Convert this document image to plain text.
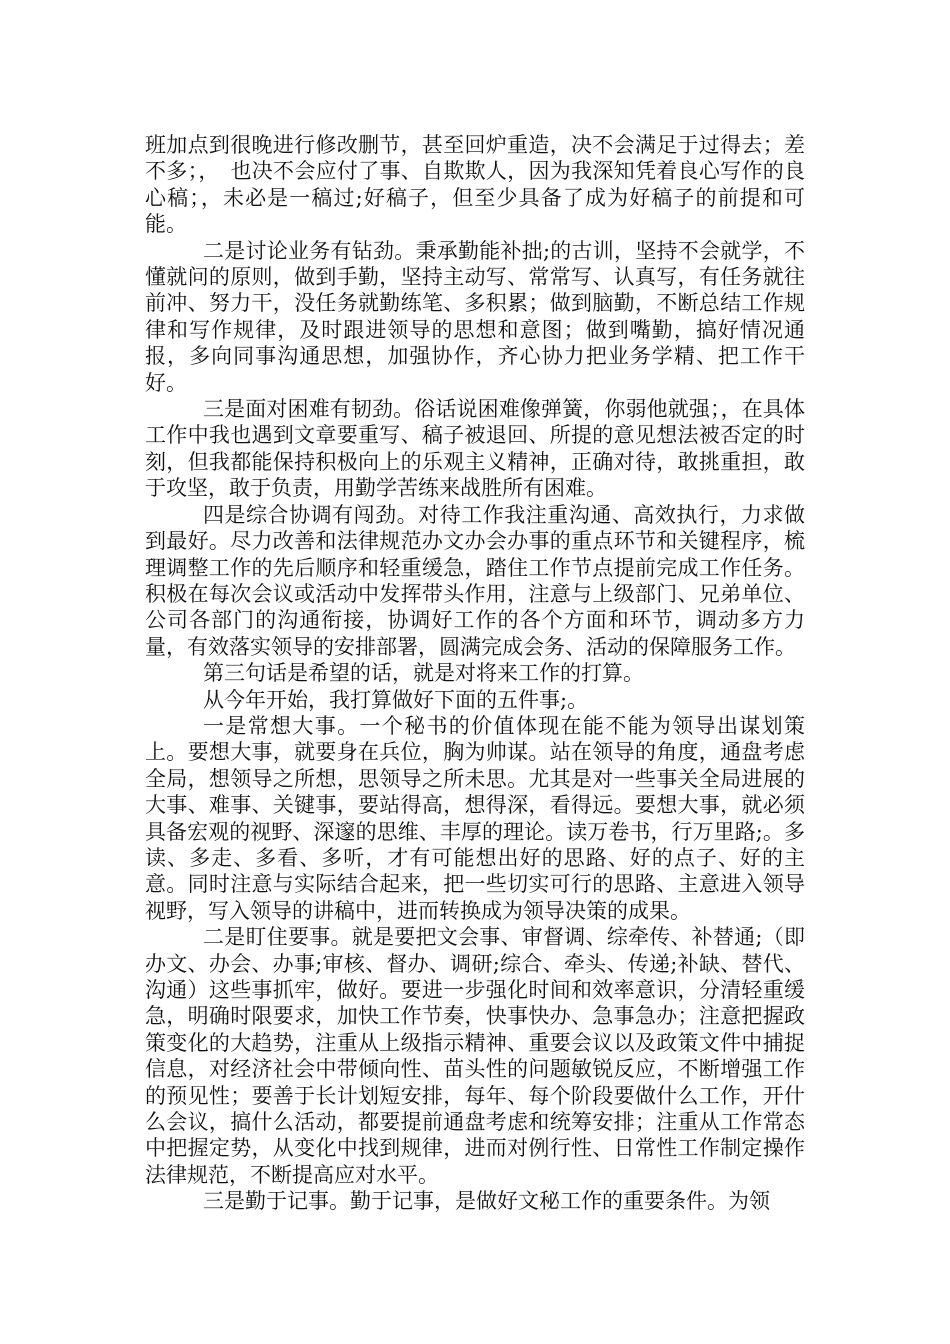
班加点到很晚进行修改删节，甚至回炉重造，决不会满足于过得去；差不多；，　也决不会应付了事、自欺欺人，因为我深知凭着良心写作的良心稿；，未必是一稿过;好稿子，但至少具备了成为好稿子的前提和可能。

二是讨论业务有钻劲。秉承勤能补拙;的古训，坚持不会就学，不懂就问的原则，做到手勤，坚持主动写、常常写、认真写，有任务就往前冲、努力干，没任务就勤练笔、多积累；做到脑勤，不断总结工作规律和写作规律，及时跟进领导的思想和意图；做到嘴勤，搞好情况通报，多向同事沟通思想，加强协作，齐心协力把业务学精、把工作干好。

三是面对困难有韧劲。俗话说困难像弹簧，你弱他就强；，在具体工作中我也遇到文章要重写、稿子被退回、所提的意见想法被否定的时刻，但我都能保持积极向上的乐观主义精神，正确对待，敢挑重担，敢于攻坚，敢于负责，用勤学苦练来战胜所有困难。

四是综合协调有闯劲。对待工作我注重沟通、高效执行，力求做到最好。尽力改善和法律规范办文办会办事的重点环节和关键程序，梳理调整工作的先后顺序和轻重缓急，踏住工作节点提前完成工作任务。积极在每次会议或活动中发挥带头作用，注意与上级部门、兄弟单位、公司各部门的沟通衔接，协调好工作的各个方面和环节，调动多方力量，有效落实领导的安排部署，圆满完成会务、活动的保障服务工作。

第三句话是希望的话，就是对将来工作的打算。

从今年开始，我打算做好下面的五件事;。

一是常想大事。一个秘书的价值体现在能不能为领导出谋划策上。要想大事，就要身在兵位，胸为帅谋。站在领导的角度，通盘考虑全局，想领导之所想，思领导之所未思。尤其是对一些事关全局进展的大事、难事、关键事，要站得高，想得深，看得远。要想大事，就必须具备宏观的视野、深邃的思维、丰厚的理论。读万卷书，行万里路;。多读、多走、多看、多听，才有可能想出好的思路、好的点子、好的主意。同时注意与实际结合起来，把一些切实可行的思路、主意进入领导视野，写入领导的讲稿中，进而转换成为领导决策的成果。

二是盯住要事。就是要把文会事、审督调、综牵传、补替通;（即办文、办会、办事;审核、督办、调研;综合、牵头、传递;补缺、替代、沟通）这些事抓牢，做好。要进一步强化时间和效率意识，分清轻重缓急，明确时限要求，加快工作节奏，快事快办、急事急办；注意把握政策变化的大趋势，注重从上级指示精神、重要会议以及政策文件中捕捉信息，对经济社会中带倾向性、苗头性的问题敏锐反应，不断增强工作的预见性；要善于长计划短安排，每年、每个阶段要做什么工作，开什么会议，搞什么活动，都要提前通盘考虑和统筹安排；注重从工作常态中把握定势，从变化中找到规律，进而对例行性、日常性工作制定操作法律规范，不断提高应对水平。

三是勤于记事。勤于记事，是做好文秘工作的重要条件。为领
